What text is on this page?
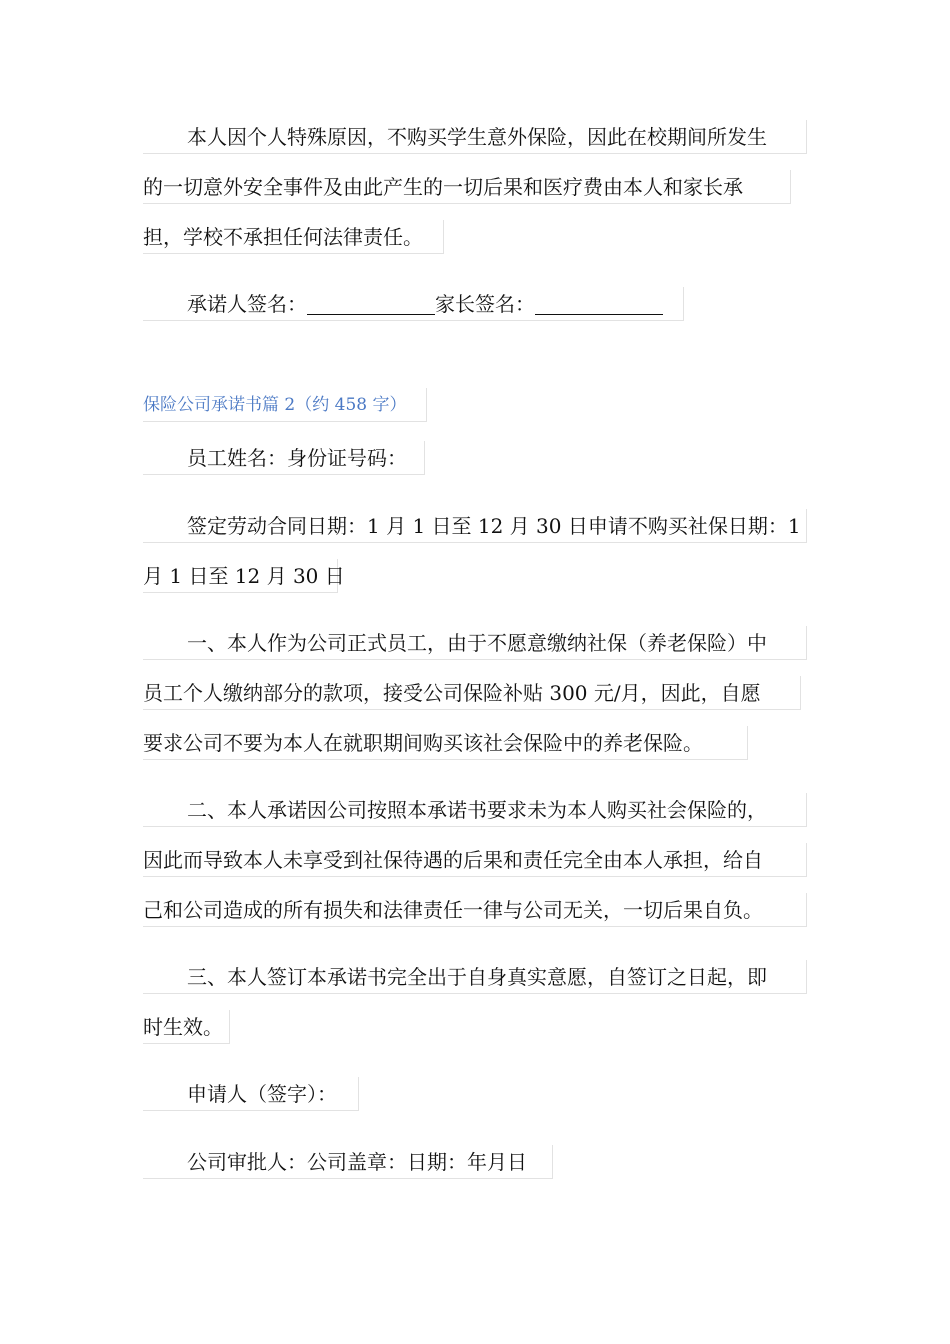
本人因个人特殊原因，不购买学生意外保险，因此在校期间所发生
的一切意外安全事件及由此产生的一切后果和医疗费由本人和家长承
担，学校不承担任何法律责任。
承诺人签名：	家长签名：
保险公司承诺书篇 2（约 458 字）
员工姓名：身份证号码：
签定劳动合同日期：1 月 1 日至 12 月 30 日申请不购买社保日期：1
月 1 日至 12 月 30 日
一、本人作为公司正式员工，由于不愿意缴纳社保（养老保险）中
员工个人缴纳部分的款项，接受公司保险补贴 300 元/月，因此，自愿
要求公司不要为本人在就职期间购买该社会保险中的养老保险。
二、本人承诺因公司按照本承诺书要求未为本人购买社会保险的，
因此而导致本人未享受到社保待遇的后果和责任完全由本人承担，给自
己和公司造成的所有损失和法律责任一律与公司无关，一切后果自负。
三、本人签订本承诺书完全出于自身真实意愿，自签订之日起，即
时生效。
申请人（签字）：
公司审批人：公司盖章：日期：年月日
